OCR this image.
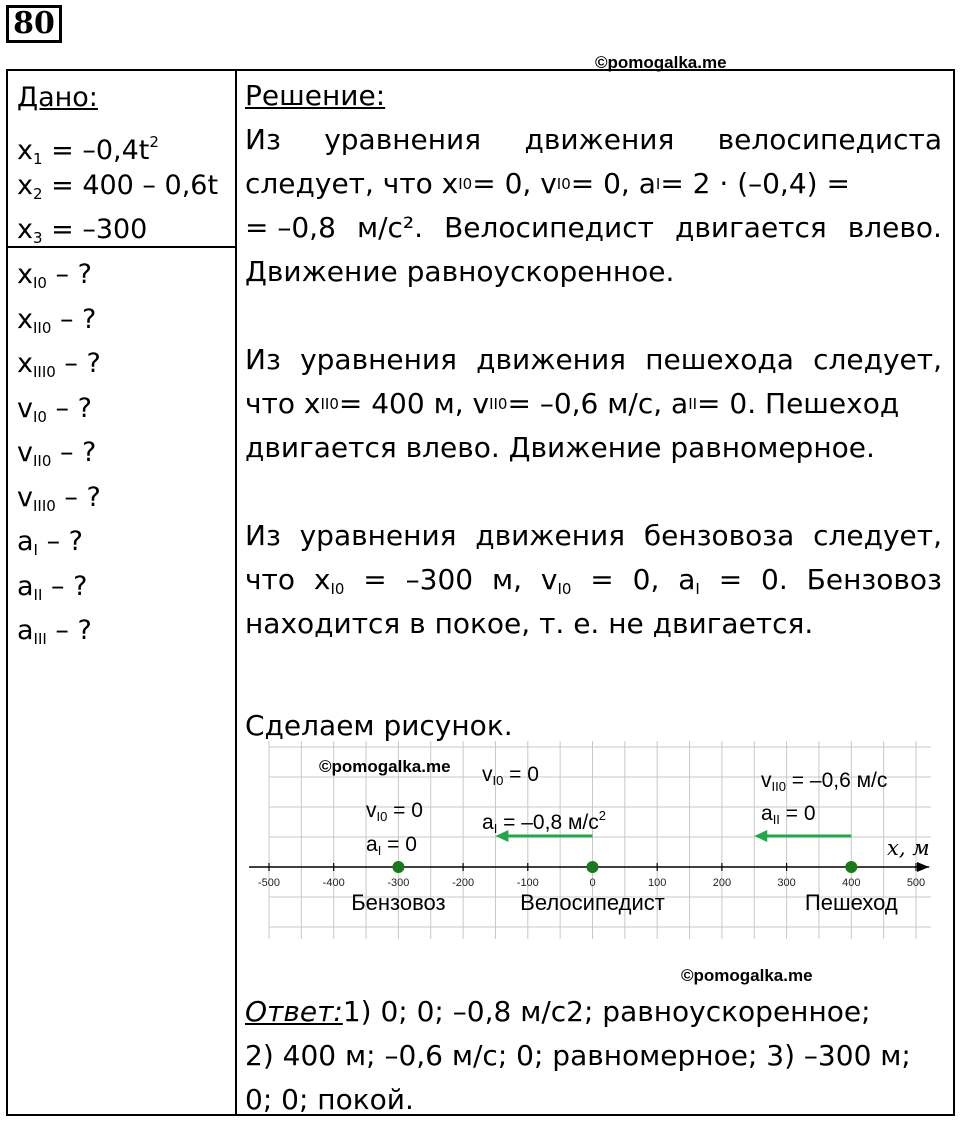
80
©pomogalka.me
Дано:
$x_1 = -0,4t^2$
$x_2 = 400 - 0,6t$
$x_3 = -300$
$x_{I0}$ – ?
$x_{II0}$ – ?
$x_{III0}$ – ?
$v_{I0}$ – ?
$v_{II0}$ – ?
$v_{III0}$ – ?
$a_I$ – ?
$a_{II}$ – ?
$a_{III}$ – ?
Решение:
Из уравнения движения велосипедиста
следует, что x I0 = 0, v I0 = 0, a I = 2 · (–0,4) =
= –0,8 м/с². Велосипедист двигается влево.
Движение равноускоренное.
Из уравнения движения пешехода следует,
что x II0 = 400 м, v II0 = –0,6 м/с, a II = 0. Пешеход
двигается влево. Движение равномерное.
Из уравнения движения бензовоза следует,
что $x_{I0} = -300$ м, $v_{I0} = 0$, $a_I = 0$. Бензовоз
находится в покое, т. е. не двигается.
Сделаем рисунок.
-500	-400	-300	-200	-100	0	100	200	300	400	500
x, м
Бензовоз	Велосипедист	Пешеход
©pomogalka.me
$v_{I0} = 0$
$a_I = 0$
$v_{I0} = 0$
$a_I = -0,8$ $м/с^2$
$v_{II0} = -0,6$ м/с
$a_{II} = 0$
©pomogalka.me
Ответ: 1) 0; 0; –0,8 м/с2; равноускоренное;
2) 400 м; –0,6 м/с; 0; равномерное; 3) –300 м;
0; 0; покой.
